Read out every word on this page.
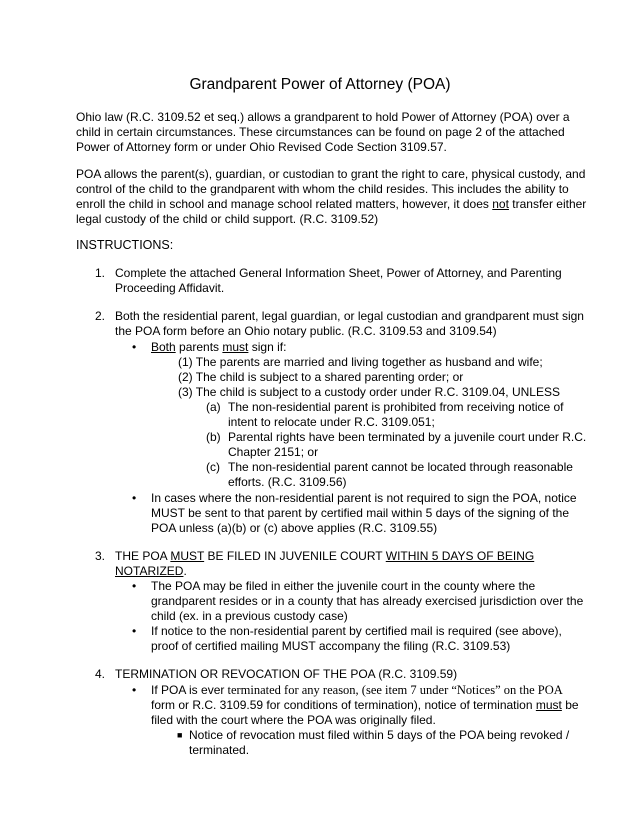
Grandparent Power of Attorney (POA)
Ohio law (R.C. 3109.52 et seq.) allows a grandparent to hold Power of Attorney (POA) over a
child in certain circumstances. These circumstances can be found on page 2 of the attached
Power of Attorney form or under Ohio Revised Code Section 3109.57.
POA allows the parent(s), guardian, or custodian to grant the right to care, physical custody, and
control of the child to the grandparent with whom the child resides. This includes the ability to
enroll the child in school and manage school related matters, however, it does not transfer either
legal custody of the child or child support. (R.C. 3109.52)
INSTRUCTIONS:
1. Complete the attached General Information Sheet, Power of Attorney, and Parenting
Proceeding Affidavit.
2. Both the residential parent, legal guardian, or legal custodian and grandparent must sign
the POA form before an Ohio notary public. (R.C. 3109.53 and 3109.54)
• Both parents must sign if:
(1) The parents are married and living together as husband and wife;
(2) The child is subject to a shared parenting order; or
(3) The child is subject to a custody order under R.C. 3109.04, UNLESS
(a) The non-residential parent is prohibited from receiving notice of
intent to relocate under R.C. 3109.051;
(b) Parental rights have been terminated by a juvenile court under R.C.
Chapter 2151; or
(c) The non-residential parent cannot be located through reasonable
efforts. (R.C. 3109.56)
• In cases where the non-residential parent is not required to sign the POA, notice
MUST be sent to that parent by certified mail within 5 days of the signing of the
POA unless (a)(b) or (c) above applies (R.C. 3109.55)
3. THE POA MUST BE FILED IN JUVENILE COURT WITHIN 5 DAYS OF BEING
NOTARIZED.
• The POA may be filed in either the juvenile court in the county where the
grandparent resides or in a county that has already exercised jurisdiction over the
child (ex. in a previous custody case)
• If notice to the non-residential parent by certified mail is required (see above),
proof of certified mailing MUST accompany the filing (R.C. 3109.53)
4. TERMINATION OR REVOCATION OF THE POA (R.C. 3109.59)
• If POA is ever terminated for any reason, (see item 7 under “Notices” on the POA
form or R.C. 3109.59 for conditions of termination), notice of termination must be
filed with the court where the POA was originally filed.
■ Notice of revocation must filed within 5 days of the POA being revoked /
terminated.
